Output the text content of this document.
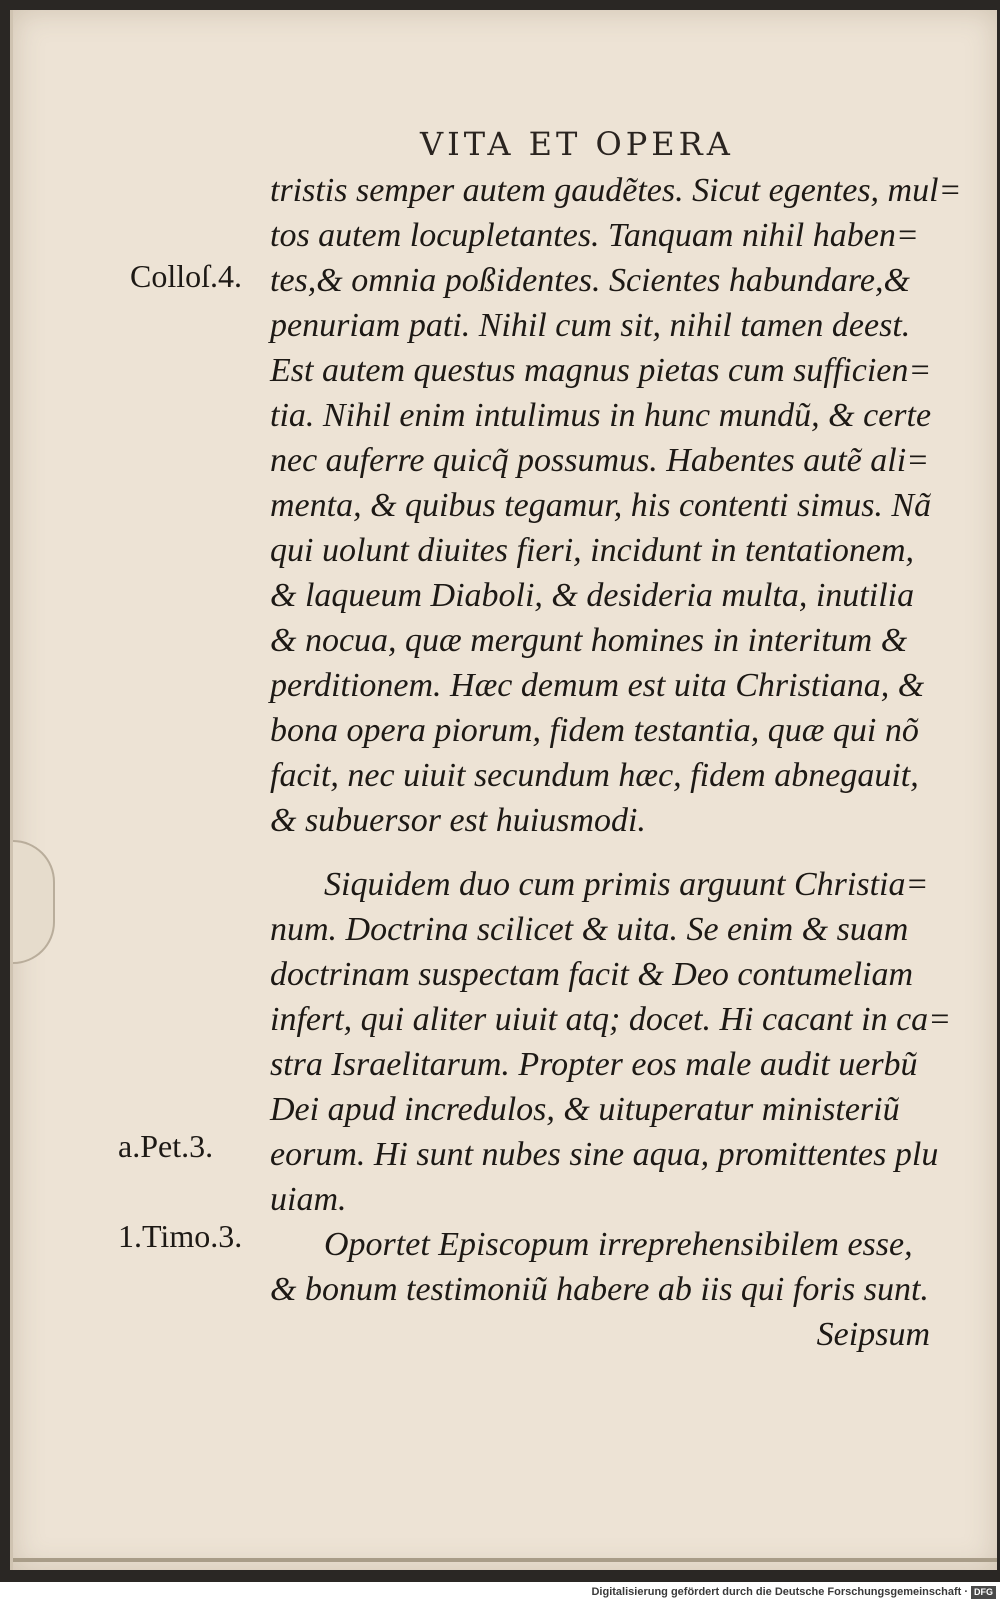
VITA ET OPERA
tristis semper autem gaudẽtes. Sicut egentes, mul=
tos autem locupletantes. Tanquam nihil haben=
tes,& omnia poßidentes. Scientes habundare,&
penuriam pati. Nihil cum sit, nihil tamen deest.
Est autem questus magnus pietas cum sufficien=
tia. Nihil enim intulimus in hunc mundũ, & certe
nec auferre quicq̃ possumus. Habentes autẽ ali=
menta, & quibus tegamur, his contenti simus. Nã
qui uolunt diuites fieri, incidunt in tentationem,
& laqueum Diaboli, & desideria multa, inutilia
& nocua, quæ mergunt homines in interitum &
perditionem. Hæc demum est uita Christiana, &
bona opera piorum, fidem testantia, quæ qui nõ
facit, nec uiuit secundum hæc, fidem abnegauit,
& subuersor est huiusmodi.
Siquidem duo cum primis arguunt Christia=
num. Doctrina scilicet & uita. Se enim & suam
doctrinam suspectam facit & Deo contumeliam
infert, qui aliter uiuit atq; docet. Hi cacant in ca=
stra Israelitarum. Propter eos male audit uerbũ
Dei apud incredulos, & uituperatur ministeriũ
eorum. Hi sunt nubes sine aqua, promittentes plu
uiam.
Oportet Episcopum irreprehensibilem esse,
& bonum testimoniũ habere ab iis qui foris sunt.
Seipsum
Colloſ.4.
a.Pet.3.
1.Timo.3.
Digitalisierung gefördert durch die Deutsche Forschungsgemeinschaft · DFG
